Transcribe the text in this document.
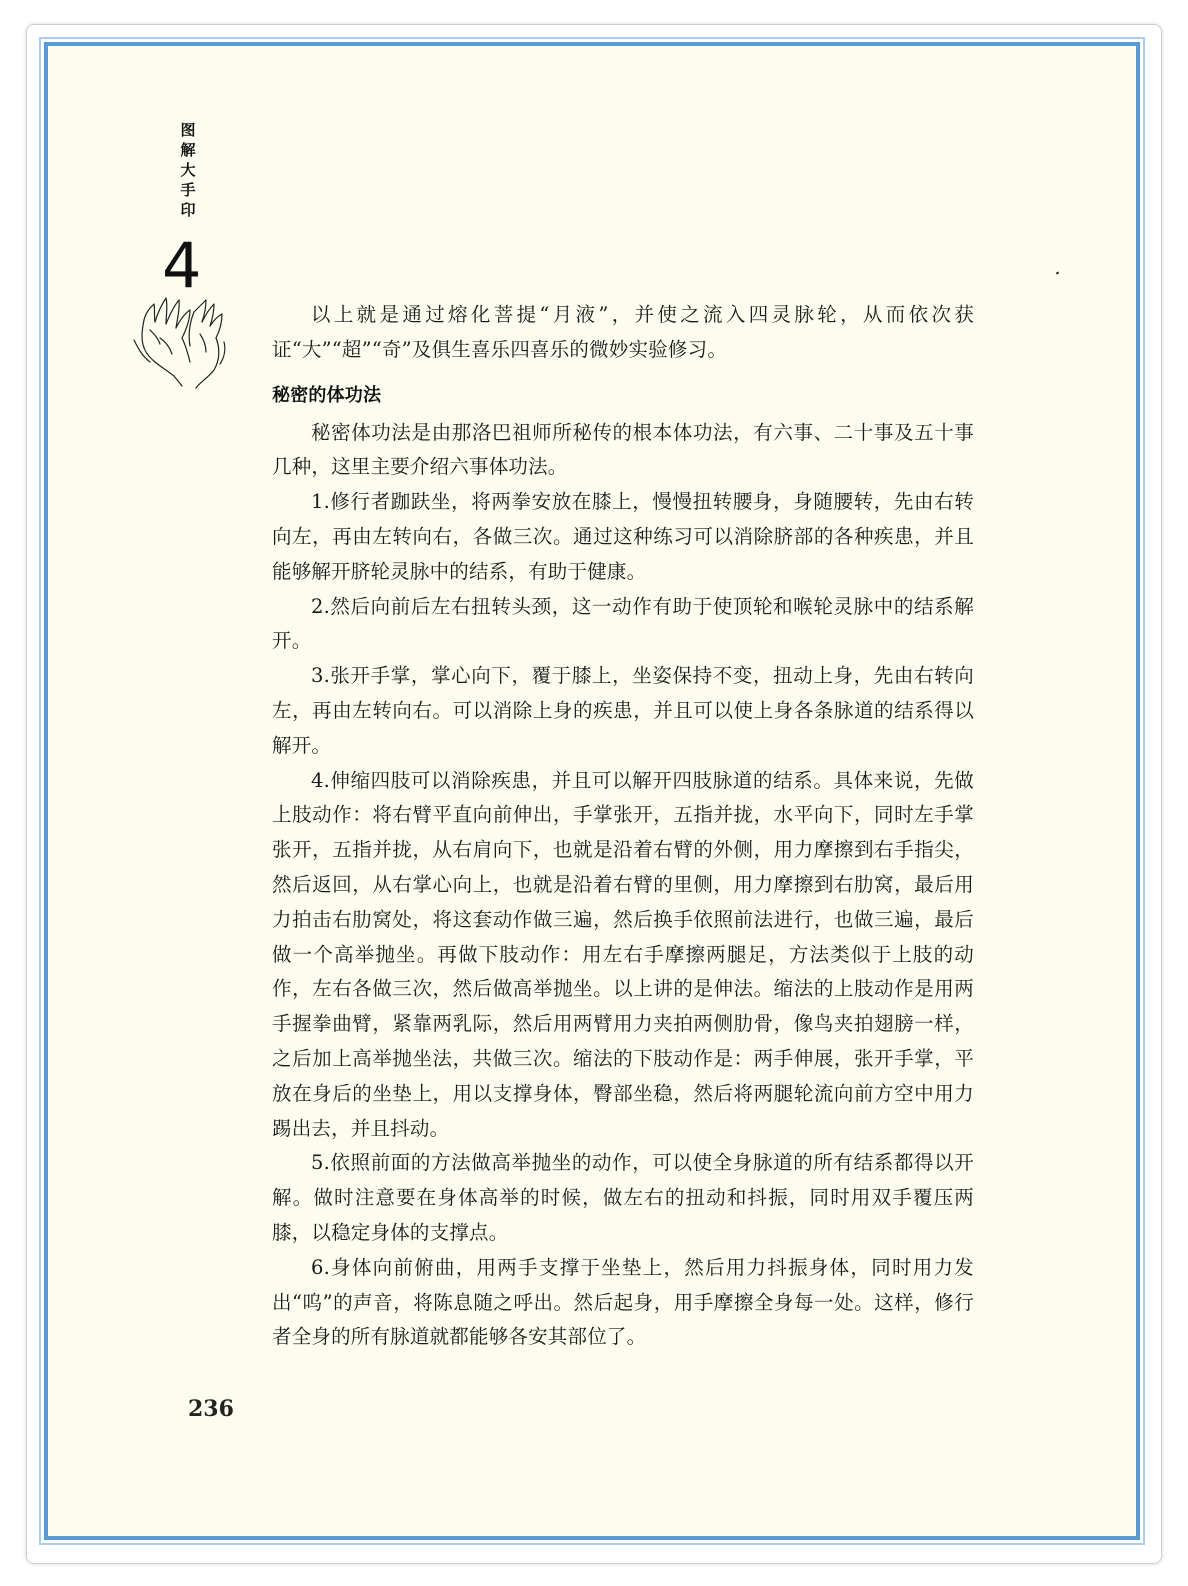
图解大手印
4

以上就是通过熔化菩提“月液”，并使之流入四灵脉轮，从而依次获证“大”“超”“奇”及俱生喜乐四喜乐的微妙实验修习。

秘密的体功法

秘密体功法是由那洛巴祖师所秘传的根本体功法，有六事、二十事及五十事几种，这里主要介绍六事体功法。

1.修行者跏趺坐，将两拳安放在膝上，慢慢扭转腰身，身随腰转，先由右转向左，再由左转向右，各做三次。通过这种练习可以消除脐部的各种疾患，并且能够解开脐轮灵脉中的结系，有助于健康。

2.然后向前后左右扭转头颈，这一动作有助于使顶轮和喉轮灵脉中的结系解开。

3.张开手掌，掌心向下，覆于膝上，坐姿保持不变，扭动上身，先由右转向左，再由左转向右。可以消除上身的疾患，并且可以使上身各条脉道的结系得以解开。

4.伸缩四肢可以消除疾患，并且可以解开四肢脉道的结系。具体来说，先做上肢动作：将右臂平直向前伸出，手掌张开，五指并拢，水平向下，同时左手掌张开，五指并拢，从右肩向下，也就是沿着右臂的外侧，用力摩擦到右手指尖，然后返回，从右掌心向上，也就是沿着右臂的里侧，用力摩擦到右肋窝，最后用力拍击右肋窝处，将这套动作做三遍，然后换手依照前法进行，也做三遍，最后做一个高举抛坐。再做下肢动作：用左右手摩擦两腿足，方法类似于上肢的动作，左右各做三次，然后做高举抛坐。以上讲的是伸法。缩法的上肢动作是用两手握拳曲臂，紧靠两乳际，然后用两臂用力夹拍两侧肋骨，像鸟夹拍翅膀一样，之后加上高举抛坐法，共做三次。缩法的下肢动作是：两手伸展，张开手掌，平放在身后的坐垫上，用以支撑身体，臀部坐稳，然后将两腿轮流向前方空中用力踢出去，并且抖动。

5.依照前面的方法做高举抛坐的动作，可以使全身脉道的所有结系都得以开解。做时注意要在身体高举的时候，做左右的扭动和抖振，同时用双手覆压两膝，以稳定身体的支撑点。

6.身体向前俯曲，用两手支撑于坐垫上，然后用力抖振身体，同时用力发出“呜”的声音，将陈息随之呼出。然后起身，用手摩擦全身每一处。这样，修行者全身的所有脉道就都能够各安其部位了。

236
